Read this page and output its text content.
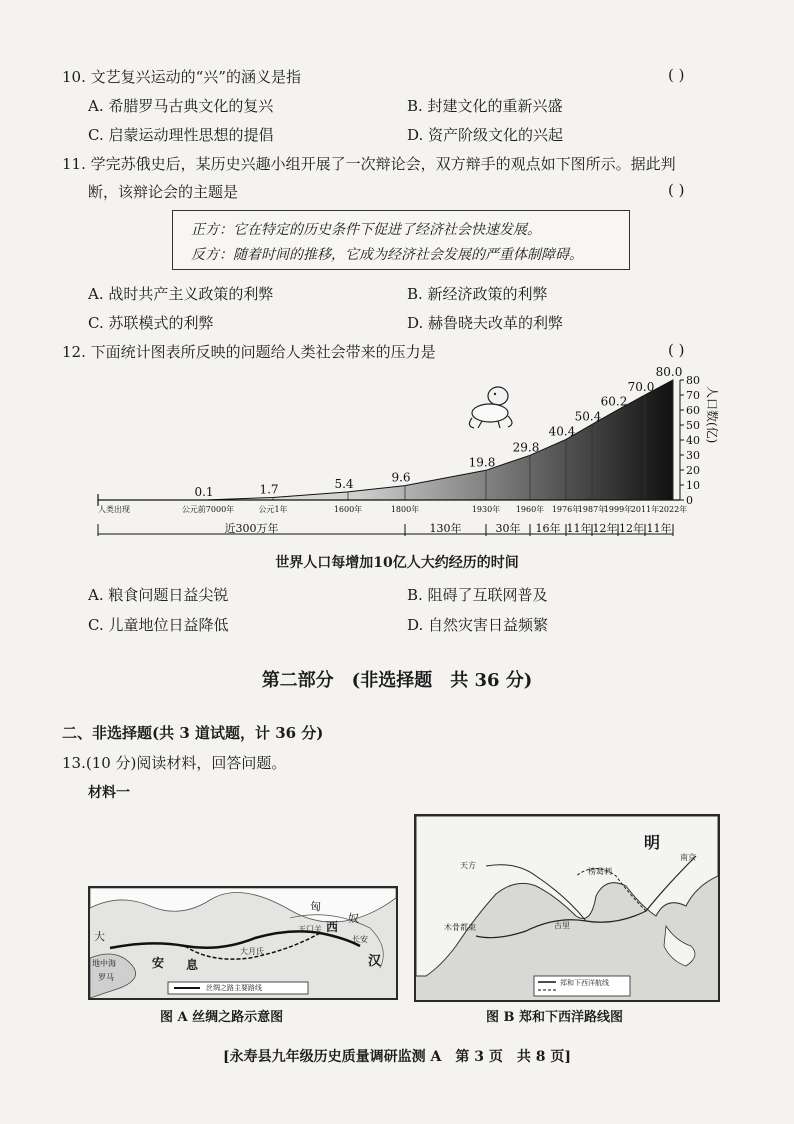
10. 文艺复兴运动的“兴”的涵义是指	( )
A. 希腊罗马古典文化的复兴	B. 封建文化的重新兴盛
C. 启蒙运动理性思想的提倡	D. 资产阶级文化的兴起
11. 学完苏俄史后，某历史兴趣小组开展了一次辩论会，双方辩手的观点如下图所示。据此判
断，该辩论会的主题是	( )
正方：它在特定的历史条件下促进了经济社会快速发展。
反方：随着时间的推移，它成为经济社会发展的严重体制障碍。
A. 战时共产主义政策的利弊	B. 新经济政策的利弊
C. 苏联模式的利弊	D. 赫鲁晓夫改革的利弊
12. 下面统计图表所反映的问题给人类社会带来的压力是	( )
0.1	1.7	5.4	9.6
19.8
29.8
40.4
50.4
60.2
70.0
80.0
0
10
20
30
40
50
60
70
80
人口数(亿)
人类出现	公元前7000年	公元1年	1600年	1800年	1930年 1960年 1976年
1987年
1999年
2011年 2022年
近300万年	130年	30年 16年 11年 12年 12年 11年
世界人口每增加10亿人大约经历的时间
A. 粮食问题日益尖锐	B. 阻碍了互联网普及
C. 儿童地位日益降低	D. 自然灾害日益频繁
第二部分　(非选择题　共 36 分)
二、非选择题(共 3 道试题，计 36 分)
13.(10 分)阅读材料，回答问题。
材料一
大
安 息
匈
奴
西
汉
大月氏
玉门关
地中海
罗马
长安
丝绸之路主要路线
图 A 丝绸之路示意图
明
南京
古里
天方
木骨都束
榜葛剌
郑和下西洋航线
图 B 郑和下西洋路线图
[永寿县九年级历史质量调研监测 A　第 3 页　共 8 页]
